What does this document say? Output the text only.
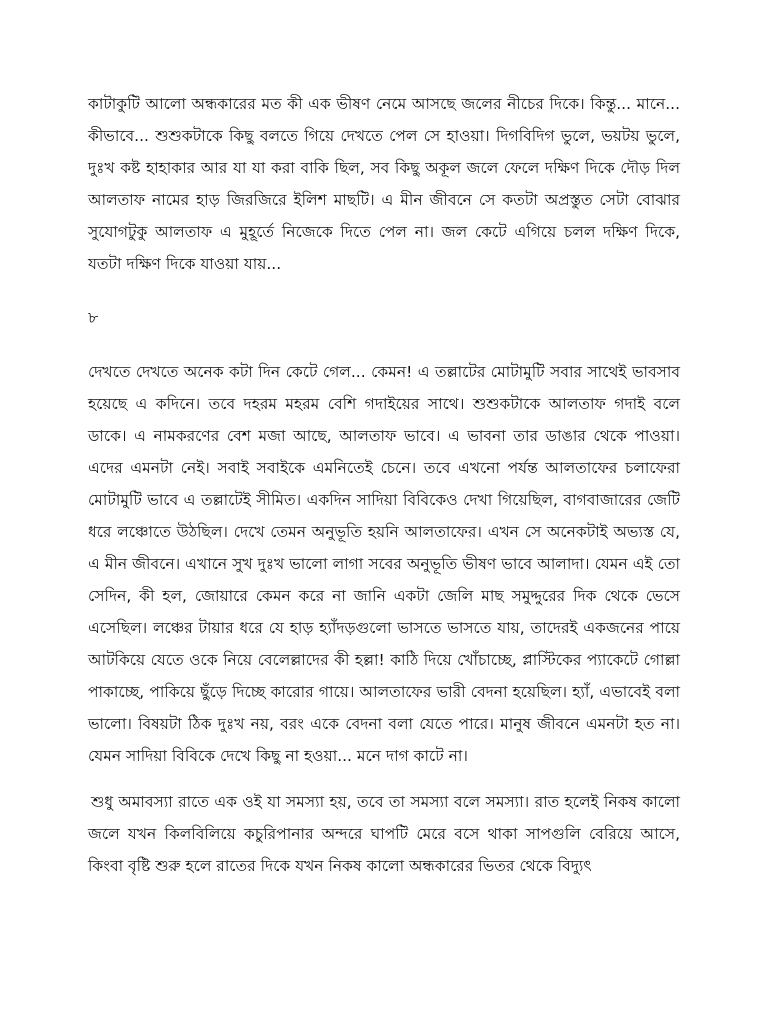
কাটাকুটি আলো অন্ধকারের মত কী এক ভীষণ নেমে আসছে জলের নীচের দিকে। কিন্তু... মানে... কীভাবে... শুশুকটাকে কিছু বলতে গিয়ে দেখতে পেল সে হাওয়া। দিগবিদিগ ভুলে, ভয়টয় ভুলে, দুঃখ কষ্ট হাহাকার আর যা যা করা বাকি ছিল, সব কিছু অকূল জলে ফেলে দক্ষিণ দিকে দৌড় দিল আলতাফ নামের হাড় জিরজিরে ইলিশ মাছটি। এ মীন জীবনে সে কতটা অপ্রস্তুত সেটা বোঝার সুযোগটুকু আলতাফ এ মুহূর্তে নিজেকে দিতে পেল না। জল কেটে এগিয়ে চলল দক্ষিণ দিকে, যতটা দক্ষিণ দিকে যাওয়া যায়...

৮

দেখতে দেখতে অনেক কটা দিন কেটে গেল... কেমন! এ তল্লাটের মোটামুটি সবার সাথেই ভাবসাব হয়েছে এ কদিনে। তবে দহরম মহরম বেশি গদাইয়ের সাথে। শুশুকটাকে আলতাফ গদাই বলে ডাকে। এ নামকরণের বেশ মজা আছে, আলতাফ ভাবে। এ ভাবনা তার ডাঙার থেকে পাওয়া। এদের এমনটা নেই। সবাই সবাইকে এমনিতেই চেনে। তবে এখনো পর্যন্ত আলতাফের চলাফেরা মোটামুটি ভাবে এ তল্লাটেই সীমিত। একদিন সাদিয়া বিবিকেও দেখা গিয়েছিল, বাগবাজারের জেটি ধরে লঞ্চোতে উঠছিল। দেখে তেমন অনুভূতি হয়নি আলতাফের। এখন সে অনেকটাই অভ্যস্ত যে, এ মীন জীবনে। এখানে সুখ দুঃখ ভালো লাগা সবের অনুভূতি ভীষণ ভাবে আলাদা। যেমন এই তো সেদিন, কী হল, জোয়ারে কেমন করে না জানি একটা জেলি মাছ সমুদ্দুরের দিক থেকে ভেসে এসেছিল। লঞ্চের টায়ার ধরে যে হাড় হ্যাঁদড়গুলো ভাসতে ভাসতে যায়, তাদেরই একজনের পায়ে আটকিয়ে যেতে ওকে নিয়ে বেলেল্লাদের কী হল্লা! কাঠি দিয়ে খোঁচাচ্ছে, প্লাস্টিকের প্যাকেটে গোল্লা পাকাচ্ছে, পাকিয়ে ছুঁড়ে দিচ্ছে কারোর গায়ে। আলতাফের ভারী বেদনা হয়েছিল। হ্যাঁ, এভাবেই বলা ভালো। বিষয়টা ঠিক দুঃখ নয়, বরং একে বেদনা বলা যেতে পারে। মানুষ জীবনে এমনটা হত না। যেমন সাদিয়া বিবিকে দেখে কিছু না হওয়া... মনে দাগ কাটে না।

শুধু অমাবস্যা রাতে এক ওই যা সমস্যা হয়, তবে তা সমস্যা বলে সমস্যা। রাত হলেই নিকষ কালো জলে যখন কিলবিলিয়ে কচুরিপানার অন্দরে ঘাপটি মেরে বসে থাকা সাপগুলি বেরিয়ে আসে, কিংবা বৃষ্টি শুরু হলে রাতের দিকে যখন নিকষ কালো অন্ধকারের ভিতর থেকে বিদ্যুৎ
